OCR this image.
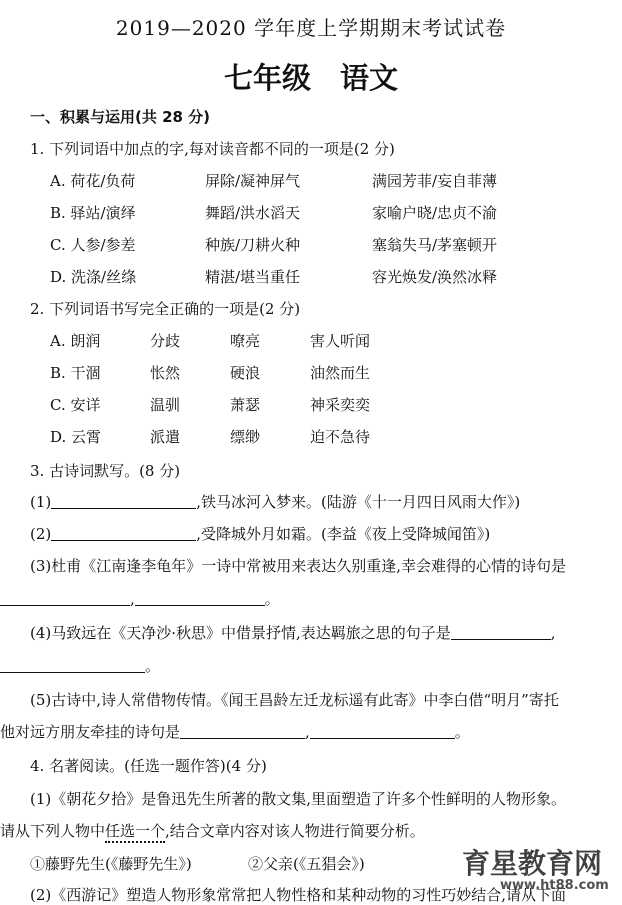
2019—2020 学年度上学期期末考试试卷
七年级　语文
一、积累与运用(共 28 分)
1. 下列词语中加点的字,每对读音都不同的一项是(2 分)
A. 荷花/负荷	屏除/凝神屏气	满园芳菲/妄自菲薄
B. 驿站/演绎	舞蹈/洪水滔天	家喻户晓/忠贞不渝
C. 人参/参差	种族/刀耕火种	塞翁失马/茅塞顿开
D. 洗涤/丝绦	精湛/堪当重任	容光焕发/涣然冰释
2. 下列词语书写完全正确的一项是(2 分)
A. 朗润	分歧	嘹亮	害人听闻
B. 干涸	怅然	硬浪	油然而生
C. 安详	温驯	萧瑟	神采奕奕
D. 云霄	派遣	缥缈	迫不急待
3. 古诗词默写。(8 分)
(1)	,铁马冰河入梦来。(陆游《十一月四日风雨大作》)
(2)	,受降城外月如霜。(李益《夜上受降城闻笛》)
(3)杜甫《江南逢李龟年》一诗中常被用来表达久别重逢,幸会难得的心情的诗句是
,	。
(4)马致远在《天净沙·秋思》中借景抒情,表达羁旅之思的句子是	,
。
(5)古诗中,诗人常借物传情。《闻王昌龄左迁龙标遥有此寄》中李白借“明月”寄托
他对远方朋友牵挂的诗句是	,	。
4. 名著阅读。(任选一题作答)(4 分)
(1)《朝花夕拾》是鲁迅先生所著的散文集,里面塑造了许多个性鲜明的人物形象。
请从下列人物中任选一个,结合文章内容对该人物进行简要分析。
①藤野先生(《藤野先生》)	②父亲(《五猖会》)
(2)《西游记》塑造人物形象常常把人物性格和某种动物的习性巧妙结合,请从下面
育星教育网
www.ht88.com
